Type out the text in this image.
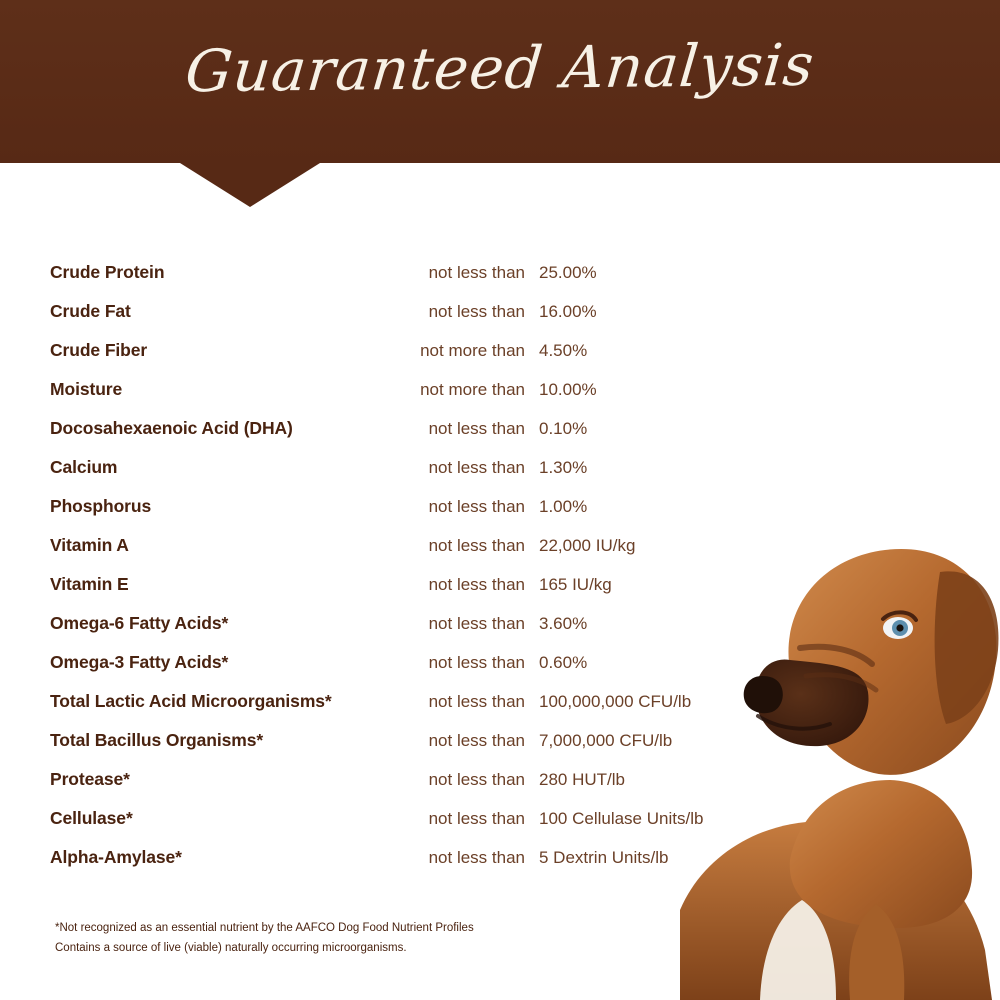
Guaranteed Analysis
Crude Protein	not less than 25.00%
Crude Fat	not less than 16.00%
Crude Fiber	not more than 4.50%
Moisture	not more than 10.00%
Docosahexaenoic Acid (DHA)	not less than 0.10%
Calcium	not less than 1.30%
Phosphorus	not less than 1.00%
Vitamin A	not less than 22,000 IU/kg
Vitamin E	not less than 165 IU/kg
Omega-6 Fatty Acids*	not less than 3.60%
Omega-3 Fatty Acids*	not less than 0.60%
Total Lactic Acid Microorganisms*	not less than 100,000,000 CFU/lb
Total Bacillus Organisms*	not less than 7,000,000 CFU/lb
Protease*	not less than 280 HUT/lb
Cellulase*	not less than 100 Cellulase Units/lb
Alpha-Amylase*	not less than 5 Dextrin Units/lb
*Not recognized as an essential nutrient by the AAFCO Dog Food Nutrient Profiles
Contains a source of live (viable) naturally occurring microorganisms.
